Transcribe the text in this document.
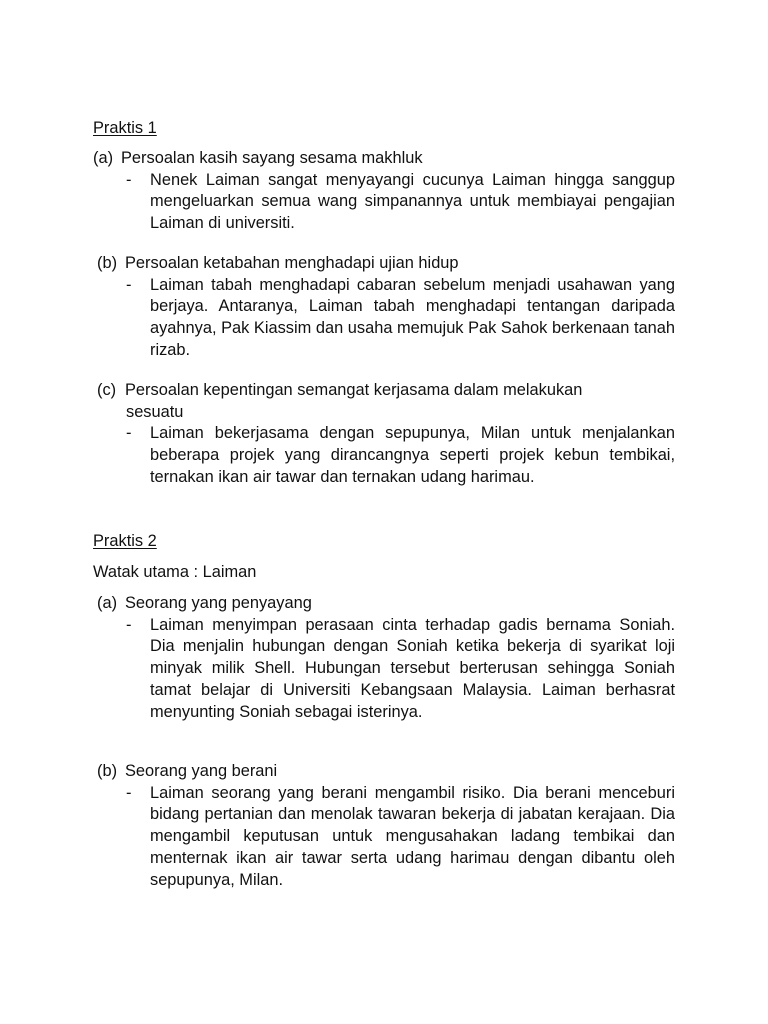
Praktis 1
(a) Persoalan kasih sayang sesama makhluk
-	Nenek Laiman sangat menyayangi cucunya Laiman hingga sanggup mengeluarkan semua wang simpanannya untuk membiayai pengajian Laiman di universiti.
(b) Persoalan ketabahan menghadapi ujian hidup
-	Laiman tabah menghadapi cabaran sebelum menjadi usahawan yang berjaya. Antaranya, Laiman tabah menghadapi tentangan daripada ayahnya, Pak Kiassim dan usaha memujuk Pak Sahok berkenaan tanah rizab.
(c) Persoalan kepentingan semangat kerjasama dalam melakukan
sesuatu
-	Laiman bekerjasama dengan sepupunya, Milan untuk menjalankan beberapa projek yang dirancangnya seperti projek kebun tembikai, ternakan ikan air tawar dan ternakan udang harimau.
Praktis 2
Watak utama : Laiman
(a) Seorang yang penyayang
-	Laiman menyimpan perasaan cinta terhadap gadis bernama Soniah. Dia menjalin hubungan dengan Soniah ketika bekerja di syarikat loji minyak milik Shell. Hubungan tersebut berterusan sehingga Soniah tamat belajar di Universiti Kebangsaan Malaysia. Laiman berhasrat menyunting Soniah sebagai isterinya.
(b) Seorang yang berani
-	Laiman seorang yang berani mengambil risiko. Dia berani menceburi bidang pertanian dan menolak tawaran bekerja di jabatan kerajaan. Dia mengambil keputusan untuk mengusahakan ladang tembikai dan menternak ikan air tawar serta udang harimau dengan dibantu oleh sepupunya, Milan.
